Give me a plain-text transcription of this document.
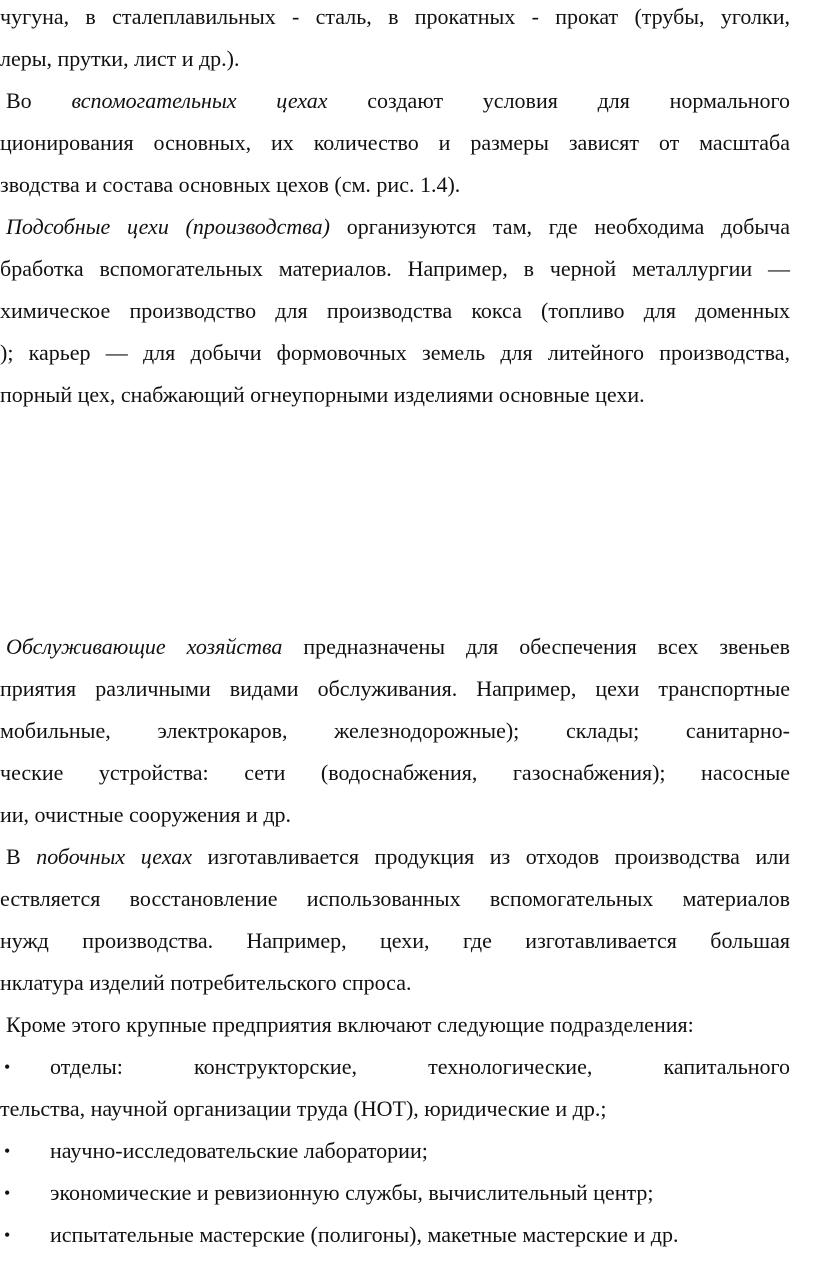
чугуна, в сталеплавильных - сталь, в прокатных - прокат (трубы, уголки,
леры, прутки, лист и др.).
Во вспомогательных цехах создают условия для нормального
ционирования основных, их количество и размеры зависят от масштаба
зводства и состава основных цехов (см. рис. 1.4).
Подсобные цехи (производства) организуются там, где необходима добыча
бработка вспомогательных материалов. Например, в черной металлургии —
химическое производство для производства кокса (топливо для доменных
); карьер — для добычи формовочных земель для литейного производства,
порный цех, снабжающий огнеупорными изделиями основные цехи.
Обслуживающие хозяйства предназначены для обеспечения всех звеньев
приятия различными видами обслуживания. Например, цехи транспортные
мобильные, электрокаров, железнодорожные); склады; санитарно-
ческие устройства: сети (водоснабжения, газоснабжения); насосные
ии, очистные сооружения и др.
В побочных цехах изготавливается продукция из отходов производства или
ествляется восстановление использованных вспомогательных материалов
нужд производства. Например, цехи, где изготавливается большая
нклатура изделий потребительского спроса.
Кроме этого крупные предприятия включают следующие подразделения:
•	отделы: конструкторские, технологические, капитального
тельства, научной организации труда (НОТ), юридические и др.;
•	научно-исследовательские лаборатории;
•	экономические и ревизионную службы, вычислительный центр;
•	испытательные мастерские (полигоны), макетные мастерские и др.
